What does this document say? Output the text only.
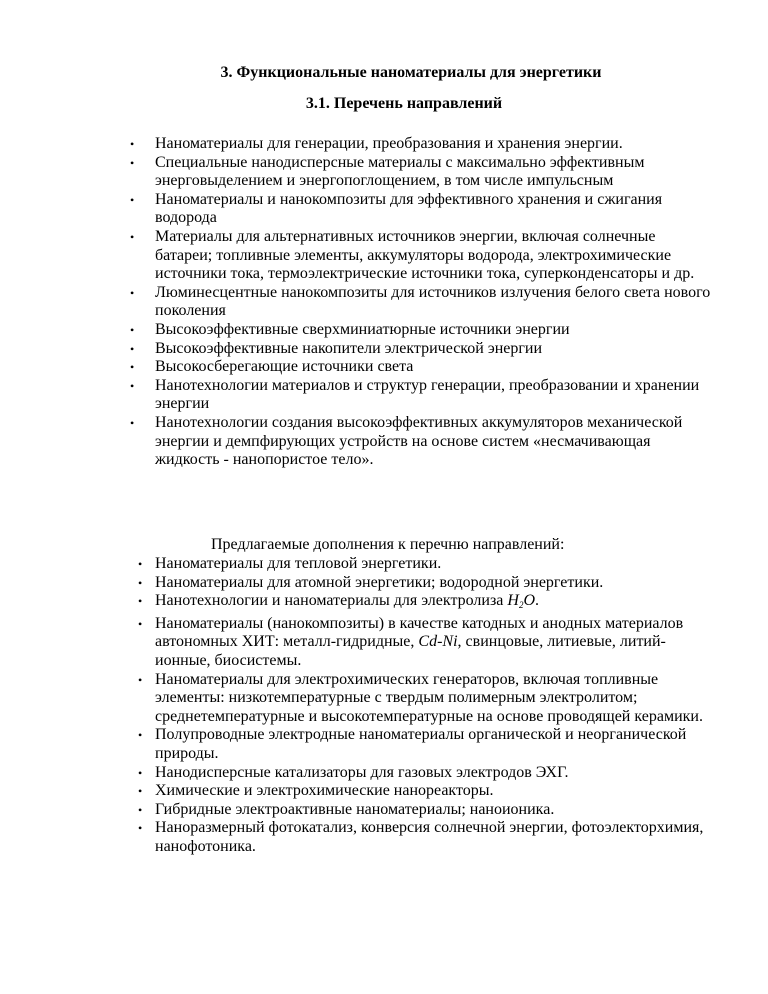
3. Функциональные наноматериалы для энергетики
3.1. Перечень направлений
• Наноматериалы для генерации, преобразования и хранения энергии.
• Специальные нанодисперсные материалы с максимально эффективным энерговыделением и энергопоглощением, в том числе импульсным
• Наноматериалы и нанокомпозиты для эффективного хранения и сжигания водорода
• Материалы для альтернативных источников энергии, включая солнечные батареи; топливные элементы, аккумуляторы водорода, электрохимические источники тока, термоэлектрические источники тока, суперконденсаторы и др.
• Люминесцентные нанокомпозиты для источников излучения белого света нового поколения
• Высокоэффективные сверхминиатюрные источники энергии
• Высокоэффективные накопители электрической энергии
• Высокосберегающие источники света
• Нанотехнологии материалов и структур генерации, преобразовании и хранении энергии
• Нанотехнологии создания высокоэффективных аккумуляторов механической энергии и демпфирующих устройств на основе систем «несмачивающая жидкость - нанопористое тело».
Предлагаемые дополнения к перечню направлений:
• Наноматериалы для тепловой энергетики.
• Наноматериалы для атомной энергетики; водородной энергетики.
• Нанотехнологии и наноматериалы для электролиза $H_2O$.
• Наноматериалы (нанокомпозиты) в качестве катодных и анодных материалов автономных ХИТ: металл-гидридные, Cd-Ni, свинцовые, литиевые, литий-ионные, биосистемы.
• Наноматериалы для электрохимических генераторов, включая топливные элементы: низкотемпературные с твердым полимерным электролитом; среднетемпературные и высокотемпературные на основе проводящей керамики.
• Полупроводные электродные наноматериалы органической и неорганической природы.
• Нанодисперсные катализаторы для газовых электродов ЭХГ.
• Химические и электрохимические нанореакторы.
• Гибридные электроактивные наноматериалы; наноионика.
• Наноразмерный фотокатализ, конверсия солнечной энергии, фотоэлекторхимия, нанофотоника.
